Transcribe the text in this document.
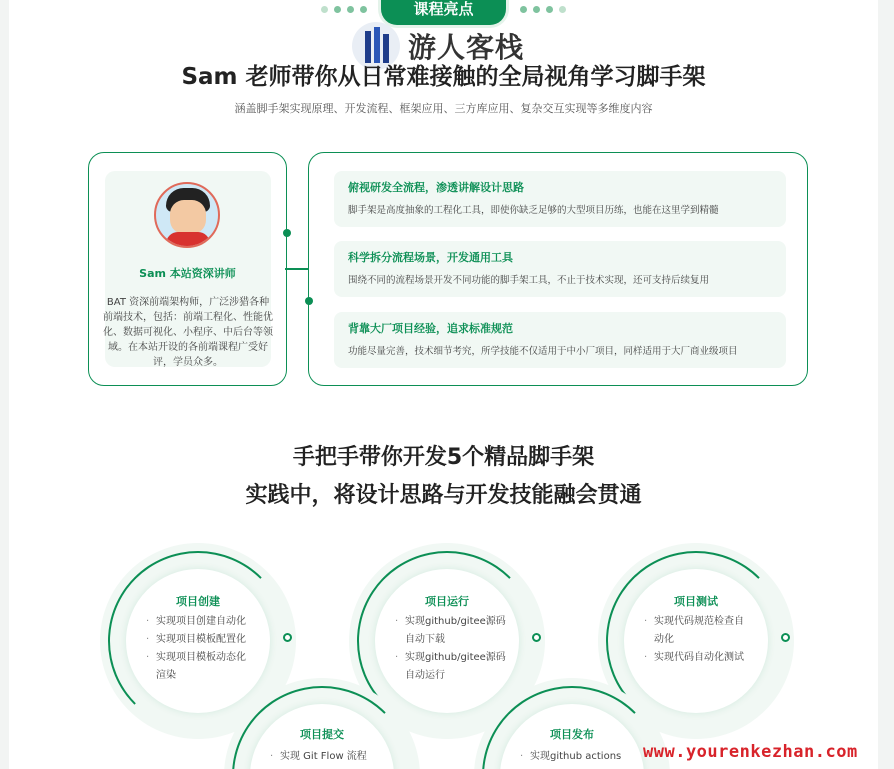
课程亮点
游人客栈
Sam 老师带你从日常难接触的全局视角学习脚手架
涵盖脚手架实现原理、开发流程、框架应用、三方库应用、复杂交互实现等多维度内容
Sam 本站资深讲师
BAT 资深前端架构师，广泛涉猎各种前端技术，包括：前端工程化、性能优化、数据可视化、小程序、中后台等领域。在本站开设的各前端课程广受好评，学员众多。
俯视研发全流程，渗透讲解设计思路
脚手架是高度抽象的工程化工具，即使你缺乏足够的大型项目历练，也能在这里学到精髓
科学拆分流程场景，开发通用工具
围绕不同的流程场景开发不同功能的脚手架工具，不止于技术实现，还可支持后续复用
背靠大厂项目经验，追求标准规范
功能尽量完善，技术细节考究，所学技能不仅适用于中小厂项目，同样适用于大厂商业级项目
手把手带你开发5个精品脚手架
实践中，将设计思路与开发技能融会贯通
项目创建
· 实现项目创建自动化
· 实现项目模板配置化
· 实现项目模板动态化渲染
项目运行
· 实现github/gitee源码自动下载
· 实现github/gitee源码自动运行
项目测试
· 实现代码规范检查自动化
· 实现代码自动化测试
项目提交
· 实现 Git Flow 流程
项目发布
· 实现github actions www.yourenkezhan.com
